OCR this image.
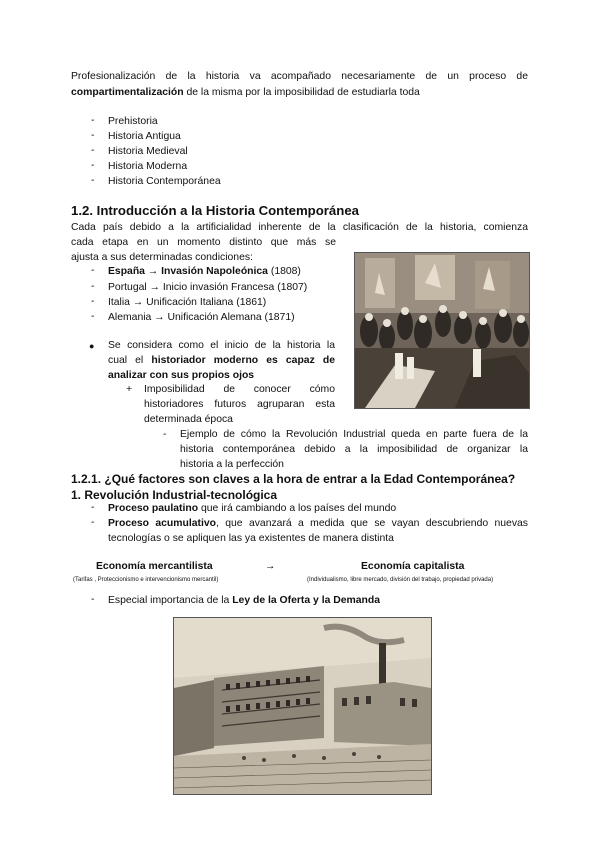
Profesionalización de la historia va acompañado necesariamente de un proceso de
compartimentalización de la misma por la imposibilidad de estudiarla toda
- Prehistoria
- Historia Antigua
- Historia Medieval
- Historia Moderna
- Historia Contemporánea
1.2. Introducción a la Historia Contemporánea
Cada país debido a la artificialidad inherente de la clasificación de la historia, comienza
cada etapa en un momento distinto que más se
ajusta a sus determinadas condiciones:
- España → Invasión Napoleónica (1808)
- Portugal → Inicio invasión Francesa (1807)
- Italia → Unificación Italiana (1861)
- Alemania → Unificación Alemana (1871)
● Se considera como el inicio de la historia la
cual el historiador moderno es capaz de
analizar con sus propios ojos
+ Imposibilidad de conocer cómo
historiadores futuros agruparan esta
determinada época
- Ejemplo de cómo la Revolución Industrial queda en parte fuera de la
historia contemporánea debido a la imposibilidad de organizar la
historia a la perfección
1.2.1. ¿Qué factores son claves a la hora de entrar a la Edad Contemporánea?
1. Revolución Industrial-tecnológica
- Proceso paulatino que irá cambiando a los países del mundo
- Proceso acumulativo, que avanzará a medida que se vayan descubriendo nuevas
tecnologías o se apliquen las ya existentes de manera distinta
Economía mercantilista
(Tarifas , Proteccionismo e intervencionismo mercantil)
→	Economía capitalista
(Individualismo, libre mercado, división del trabajo, propiedad privada)
- Especial importancia de la Ley de la Oferta y la Demanda
